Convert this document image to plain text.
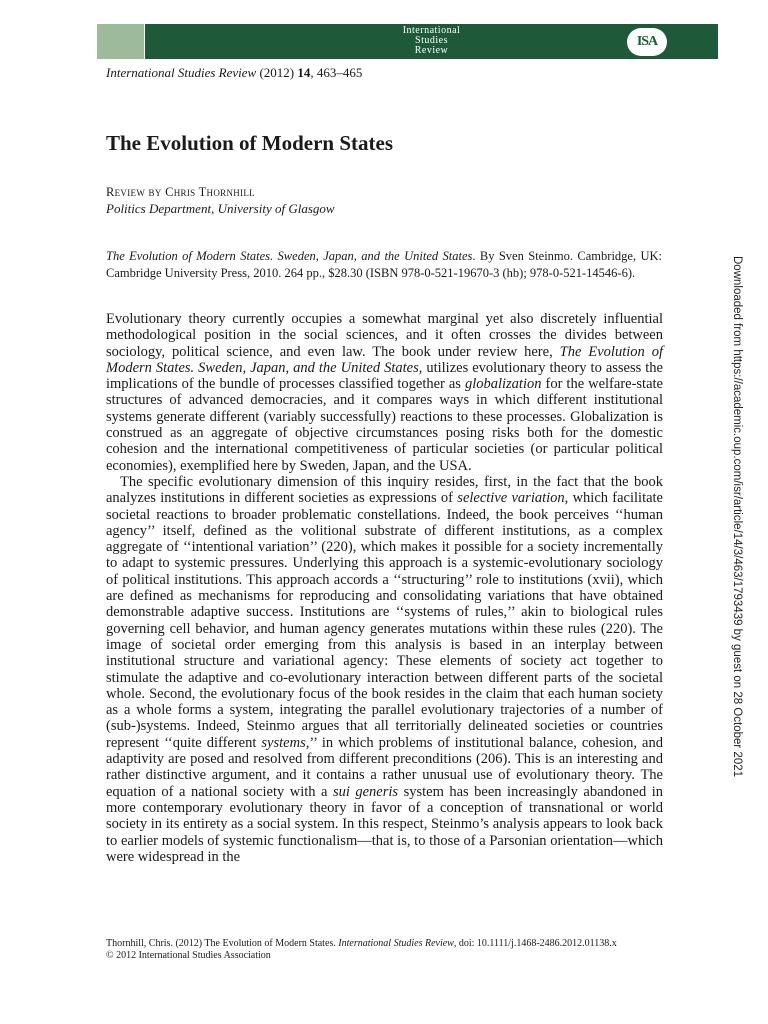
International
Studies
Review
ISA
International Studies Review (2012) 14, 463–465
The Evolution of Modern States
Review by Chris Thornhill
Politics Department, University of Glasgow
The Evolution of Modern States. Sweden, Japan, and the United States. By Sven Steinmo. Cambridge, UK: Cambridge University Press, 2010. 264 pp., $28.30 (ISBN 978-0-521-19670-3 (hb); 978-0-521-14546-6).

Evolutionary theory currently occupies a somewhat marginal yet also discretely influential methodological position in the social sciences, and it often crosses the divides between sociology, political science, and even law. The book under review here, The Evolution of Modern States. Sweden, Japan, and the United States, utilizes evolutionary theory to assess the implications of the bundle of processes classified together as globalization for the welfare-state structures of advanced democracies, and it compares ways in which different institutional systems generate different (variably successfully) reactions to these processes. Globalization is construed as an aggregate of objective circumstances posing risks both for the domestic cohesion and the international competitiveness of particular societies (or particular political economies), exemplified here by Sweden, Japan, and the USA.

The specific evolutionary dimension of this inquiry resides, first, in the fact that the book analyzes institutions in different societies as expressions of selective variation, which facilitate societal reactions to broader problematic constellations. Indeed, the book perceives ‘‘human agency’’ itself, defined as the volitional substrate of different institutions, as a complex aggregate of ‘‘intentional variation’’ (220), which makes it possible for a society incrementally to adapt to systemic pressures. Underlying this approach is a systemic-evolutionary sociology of political institutions. This approach accords a ‘‘structuring’’ role to institutions (xvii), which are defined as mechanisms for reproducing and consolidating variations that have obtained demonstrable adaptive success. Institutions are ‘‘systems of rules,’’ akin to biological rules governing cell behavior, and human agency generates mutations within these rules (220). The image of societal order emerging from this analysis is based in an interplay between institutional structure and variational agency: These elements of society act together to stimulate the adaptive and co-evolutionary interaction between different parts of the societal whole. Second, the evolutionary focus of the book resides in the claim that each human society as a whole forms a system, integrating the parallel evolutionary trajectories of a number of (sub-)systems. Indeed, Steinmo argues that all territorially delineated societies or countries represent ‘‘quite different systems,’’ in which problems of institutional balance, cohesion, and adaptivity are posed and resolved from different preconditions (206). This is an interesting and rather distinctive argument, and it contains a rather unusual use of evolutionary theory. The equation of a national society with a sui generis system has been increasingly abandoned in more contemporary evolutionary theory in favor of a conception of transnational or world society in its entirety as a social system. In this respect, Steinmo’s analysis appears to look back to earlier models of systemic functionalism—that is, to those of a Parsonian orientation—which were widespread in the

Thornhill, Chris. (2012) The Evolution of Modern States. International Studies Review, doi: 10.1111/j.1468-2486.2012.01138.x
© 2012 International Studies Association
Downloaded from https://academic.oup.com/isr/article/14/3/463/1793439 by guest on 28 October 2021
